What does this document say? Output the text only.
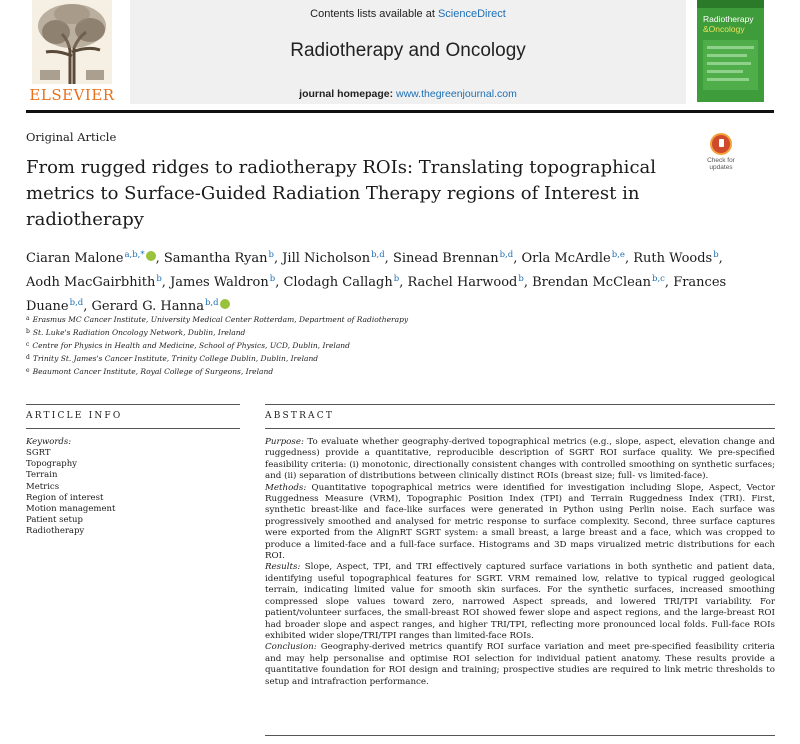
ELSEVIER
Contents lists available at ScienceDirect
Radiotherapy and Oncology
journal homepage: www.thegreenjournal.com
Radiotherapy
&Oncology
Original Article
From rugged ridges to radiotherapy ROIs: Translating topographical metrics to Surface-Guided Radiation Therapy regions of Interest in radiotherapy
Check for updates
Ciaran Malone$^{a,b,*}$ , Samantha Ryan$^b$, Jill Nicholson$^{b,d}$, Sinead Brennan$^{b,d}$, Orla McArdle$^{b,e}$, Ruth Woods$^b$, Aodh MacGairbhith$^b$, James Waldron$^b$, Clodagh Callagh$^b$, Rachel Harwood$^b$, Brendan McClean$^{b,c}$, Frances Duane$^{b,d}$, Gerard G. Hanna$^{b,d}$
$^a$ Erasmus MC Cancer Institute, University Medical Center Rotterdam, Department of Radiotherapy
$^b$ St. Luke's Radiation Oncology Network, Dublin, Ireland
$^c$ Centre for Physics in Health and Medicine, School of Physics, UCD, Dublin, Ireland
$^d$ Trinity St. James's Cancer Institute, Trinity College Dublin, Dublin, Ireland
$^e$ Beaumont Cancer Institute, Royal College of Surgeons, Ireland
ARTICLE INFO
Keywords:
SGRT
Topography
Terrain
Metrics
Region of interest
Motion management
Patient setup
Radiotherapy
ABSTRACT

Purpose: To evaluate whether geography-derived topographical metrics (e.g., slope, aspect, elevation change and ruggedness) provide a quantitative, reproducible description of SGRT ROI surface quality. We pre-specified feasibility criteria: (i) monotonic, directionally consistent changes with controlled smoothing on synthetic surfaces; and (ii) separation of distributions between clinically distinct ROIs (breast size; full- vs limited-face).

Methods: Quantitative topographical metrics were identified for investigation including Slope, Aspect, Vector Ruggedness Measure (VRM), Topographic Position Index (TPI) and Terrain Ruggedness Index (TRI). First, synthetic breast-like and face-like surfaces were generated in Python using Perlin noise. Each surface was progressively smoothed and analysed for metric response to surface complexity. Second, three surface captures were exported from the AlignRT SGRT system: a small breast, a large breast and a face, which was cropped to produce a limited-face and a full-face surface. Histograms and 3D maps virualized metric distributions for each ROI.

Results: Slope, Aspect, TPI, and TRI effectively captured surface variations in both synthetic and patient data, identifying useful topographical features for SGRT. VRM remained low, relative to typical rugged geological terrain, indicating limited value for smooth skin surfaces. For the synthetic surfaces, increased smoothing compressed slope values toward zero, narrowed Aspect spreads, and lowered TRI/TPI variability. For patient/volunteer surfaces, the small-breast ROI showed fewer slope and aspect regions, and the large-breast ROI had broader slope and aspect ranges, and higher TRI/TPI, reflecting more pronounced local folds. Full-face ROIs exhibited wider slope/TRI/TPI ranges than limited-face ROIs.

Conclusion: Geography-derived metrics quantify ROI surface variation and meet pre-specified feasibility criteria and may help personalise and optimise ROI selection for individual patient anatomy. These results provide a quantitative foundation for ROI design and training; prospective studies are required to link metric thresholds to setup and intrafraction performance.
